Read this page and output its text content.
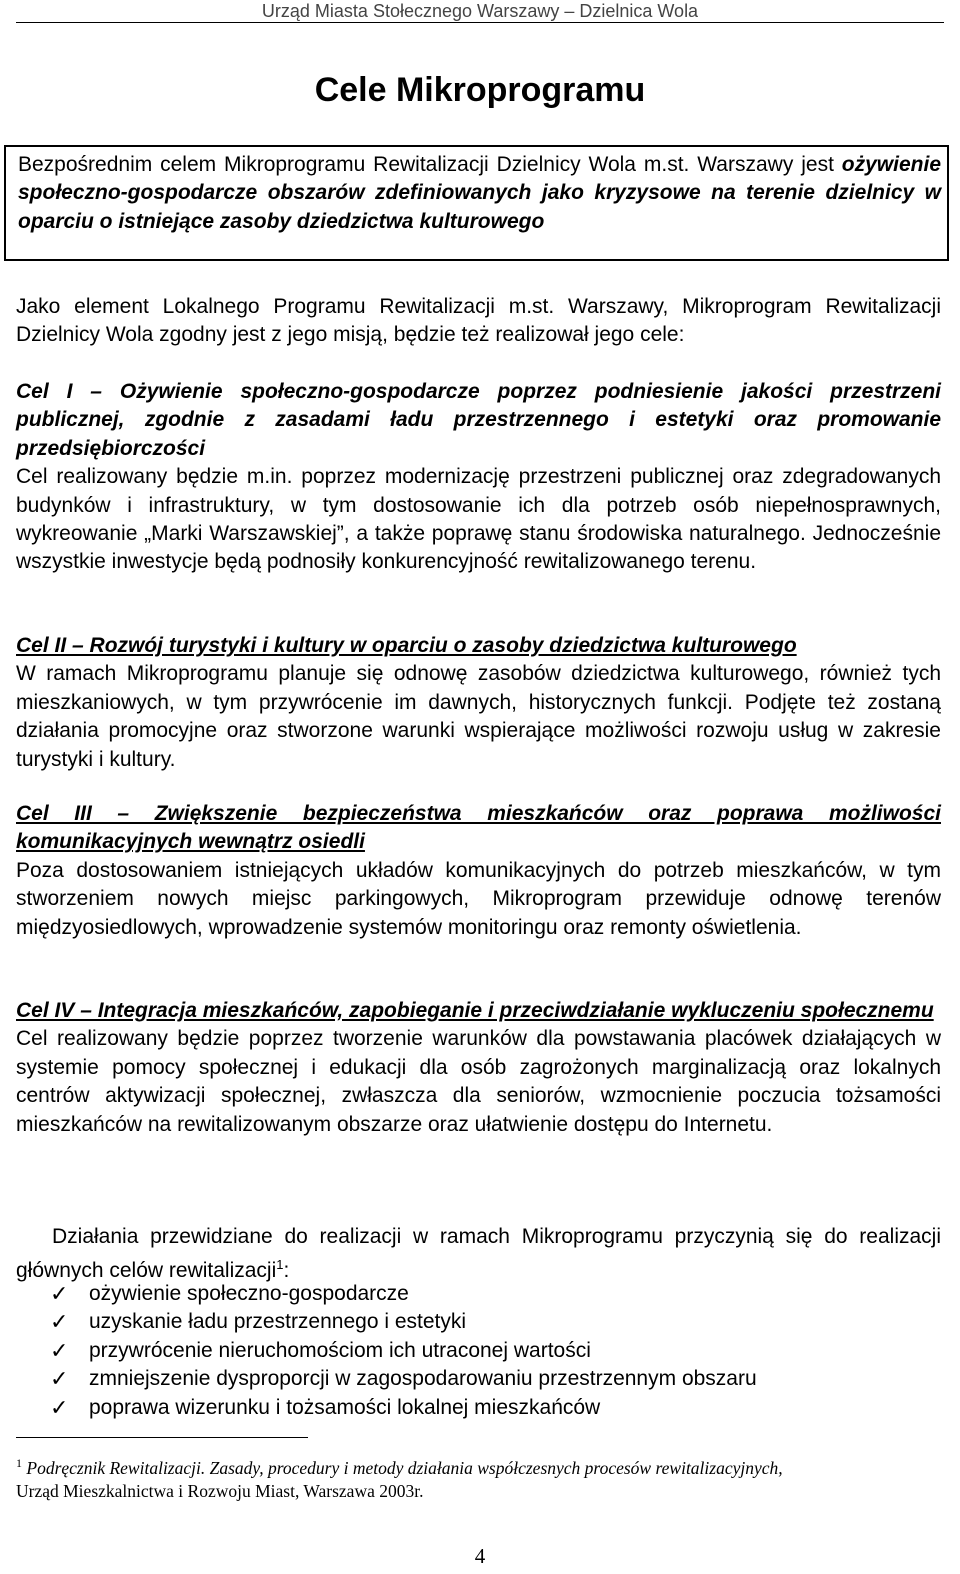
Urząd Miasta Stołecznego Warszawy – Dzielnica Wola
Cele Mikroprogramu

Bezpośrednim celem Mikroprogramu Rewitalizacji Dzielnicy Wola m.st. Warszawy jest ożywienie społeczno-gospodarcze obszarów zdefiniowanych jako kryzysowe na terenie dzielnicy w oparciu o istniejące zasoby dziedzictwa kulturowego

Jako element Lokalnego Programu Rewitalizacji m.st. Warszawy, Mikroprogram Rewitalizacji Dzielnicy Wola zgodny jest z jego misją, będzie też realizował jego cele:

Cel I – Ożywienie społeczno-gospodarcze poprzez podniesienie jakości przestrzeni publicznej, zgodnie z zasadami ładu przestrzennego i estetyki oraz promowanie przedsiębiorczości

Cel realizowany będzie m.in. poprzez modernizację przestrzeni publicznej oraz zdegradowanych budynków i infrastruktury, w tym dostosowanie ich dla potrzeb osób niepełnosprawnych, wykreowanie „Marki Warszawskiej”, a także poprawę stanu środowiska naturalnego. Jednocześnie wszystkie inwestycje będą podnosiły konkurencyjność rewitalizowanego terenu.

Cel II – Rozwój turystyki i kultury w oparciu o zasoby dziedzictwa kulturowego

W ramach Mikroprogramu planuje się odnowę zasobów dziedzictwa kulturowego, również tych mieszkaniowych, w tym przywrócenie im dawnych, historycznych funkcji. Podjęte też zostaną działania promocyjne oraz stworzone warunki wspierające możliwości rozwoju usług w zakresie turystyki i kultury.

Cel III – Zwiększenie bezpieczeństwa mieszkańców oraz poprawa możliwości komunikacyjnych wewnątrz osiedli

Poza dostosowaniem istniejących układów komunikacyjnych do potrzeb mieszkańców, w tym stworzeniem nowych miejsc parkingowych, Mikroprogram przewiduje odnowę terenów międzyosiedlowych, wprowadzenie systemów monitoringu oraz remonty oświetlenia.

Cel IV – Integracja mieszkańców, zapobieganie i przeciwdziałanie wykluczeniu społecznemu

Cel realizowany będzie poprzez tworzenie warunków dla powstawania placówek działających w systemie pomocy społecznej i edukacji dla osób zagrożonych marginalizacją oraz lokalnych centrów aktywizacji społecznej, zwłaszcza dla seniorów, wzmocnienie poczucia tożsamości mieszkańców na rewitalizowanym obszarze oraz ułatwienie dostępu do Internetu.

Działania przewidziane do realizacji w ramach Mikroprogramu przyczynią się do realizacji głównych celów rewitalizacji$^1$:

✓ ożywienie społeczno-gospodarcze
✓ uzyskanie ładu przestrzennego i estetyki
✓ przywrócenie nieruchomościom ich utraconej wartości
✓ zmniejszenie dysproporcji w zagospodarowaniu przestrzennym obszaru
✓ poprawa wizerunku i tożsamości lokalnej mieszkańców
$^1$ Podręcznik Rewitalizacji. Zasady, procedury i metody działania współczesnych procesów rewitalizacyjnych,
Urząd Mieszkalnictwa i Rozwoju Miast, Warszawa 2003r.
4
